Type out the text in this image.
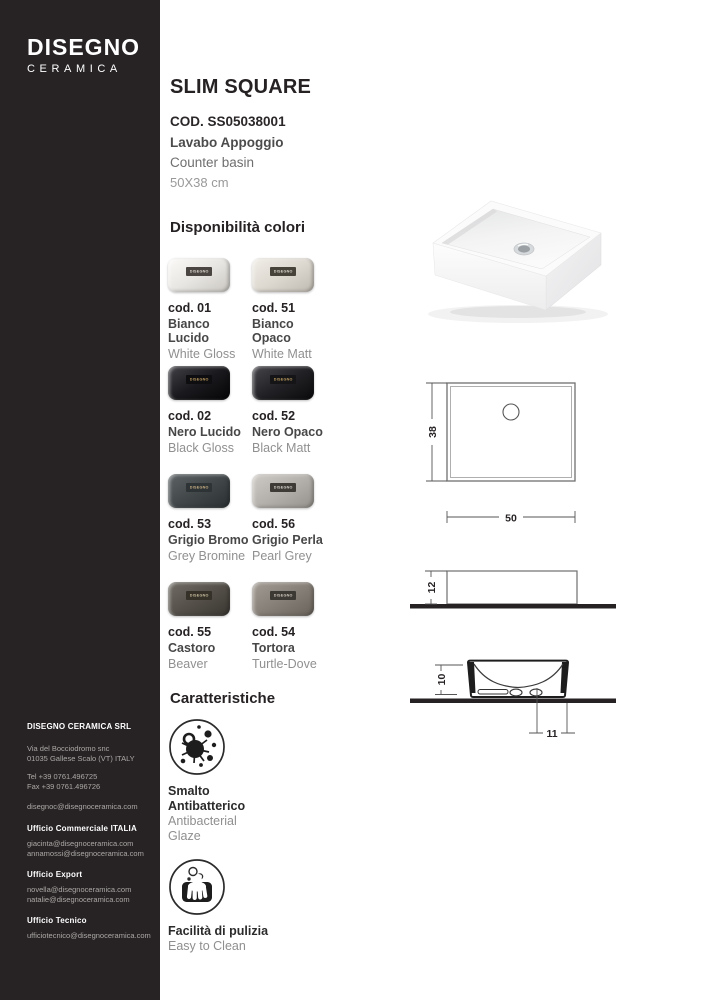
DISEGNO
CERAMICA
DISEGNO CERAMICA SRL
Via del Bocciodromo snc
01035 Gallese Scalo (VT) ITALY
Tel +39 0761.496725
Fax +39 0761.496726
disegnoc@disegnoceramica.com
Ufficio Commerciale ITALIA
giacinta@disegnoceramica.com
annamossi@disegnoceramica.com
Ufficio Export
novella@disegnoceramica.com
natalie@disegnoceramica.com
Ufficio Tecnico
ufficiotecnico@disegnoceramica.com
SLIM SQUARE
COD. SS05038001
Lavabo Appoggio
Counter basin
50X38 cm
Disponibilità colori
DISEGNO
cod. 01
Bianco Lucido
White Gloss
DISEGNO
cod. 51
Bianco Opaco
White Matt
DISEGNO
cod. 02
Nero Lucido
Black Gloss
DISEGNO
cod. 52
Nero Opaco
Black Matt
DISEGNO
cod. 53
Grigio Bromo
Grey Bromine
DISEGNO
cod. 56
Grigio Perla
Pearl Grey
DISEGNO
cod. 55
Castoro
Beaver
DISEGNO
cod. 54
Tortora
Turtle-Dove
Caratteristiche
Smalto
Antibatterico
Antibacterial
Glaze
Facilità di pulizia
Easy to Clean
38
50
12
10
11
